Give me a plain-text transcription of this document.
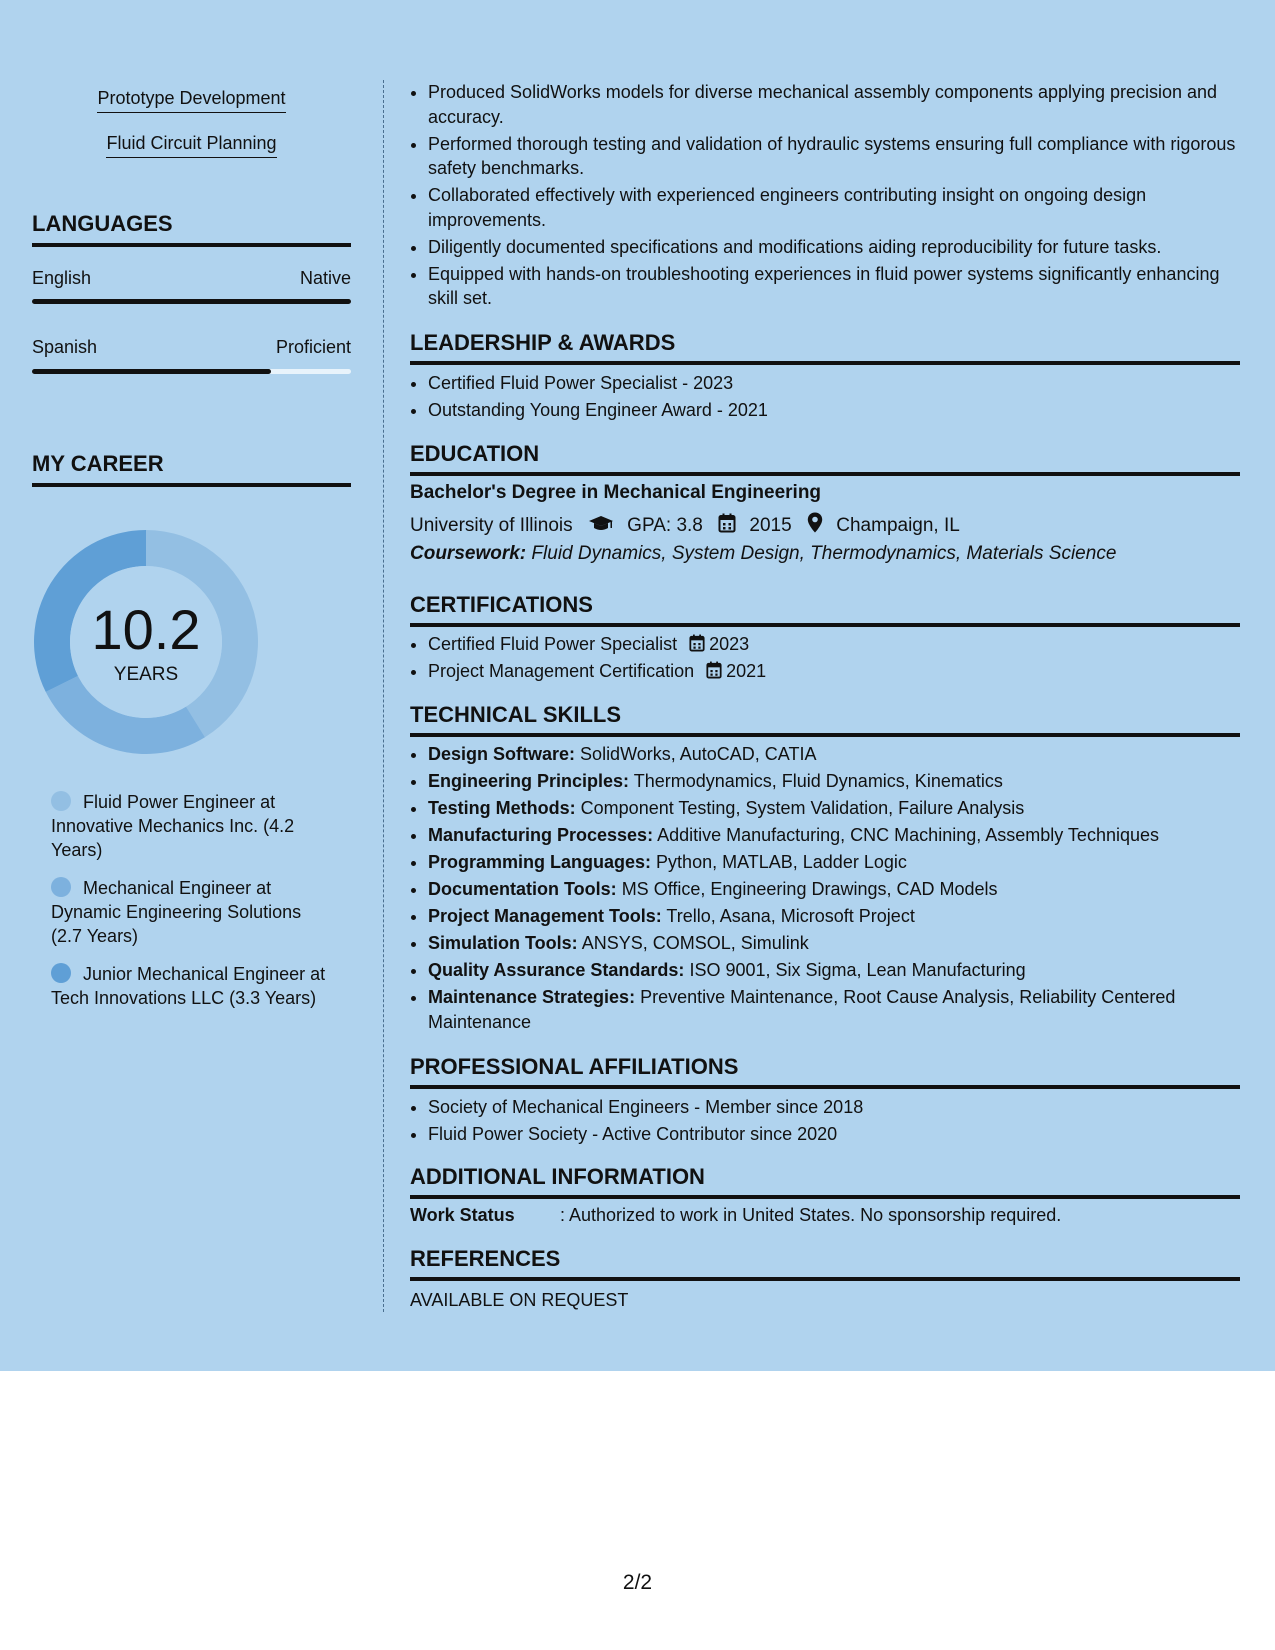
Prototype Development
Fluid Circuit Planning
LANGUAGES
English	Native
Spanish	Proficient
MY CAREER
10.2
YEARS
Fluid Power Engineer at Innovative Mechanics Inc. (4.2 Years)
Mechanical Engineer at Dynamic Engineering Solutions (2.7 Years)
Junior Mechanical Engineer at Tech Innovations LLC (3.3 Years)
• Produced SolidWorks models for diverse mechanical assembly components applying precision and accuracy.
• Performed thorough testing and validation of hydraulic systems ensuring full compliance with rigorous safety benchmarks.
• Collaborated effectively with experienced engineers contributing insight on ongoing design improvements.
• Diligently documented specifications and modifications aiding reproducibility for future tasks.
• Equipped with hands-on troubleshooting experiences in fluid power systems significantly enhancing skill set.
LEADERSHIP & AWARDS
• Certified Fluid Power Specialist - 2023
• Outstanding Young Engineer Award - 2021
EDUCATION
Bachelor's Degree in Mechanical Engineering
University of Illinois	GPA: 3.8 2015 Champaign, IL
Coursework: Fluid Dynamics, System Design, Thermodynamics, Materials Science
CERTIFICATIONS
• Certified Fluid Power Specialist 2023
• Project Management Certification 2021
TECHNICAL SKILLS
• Design Software: SolidWorks, AutoCAD, CATIA
• Engineering Principles: Thermodynamics, Fluid Dynamics, Kinematics
• Testing Methods: Component Testing, System Validation, Failure Analysis
• Manufacturing Processes: Additive Manufacturing, CNC Machining, Assembly Techniques
• Programming Languages: Python, MATLAB, Ladder Logic
• Documentation Tools: MS Office, Engineering Drawings, CAD Models
• Project Management Tools: Trello, Asana, Microsoft Project
• Simulation Tools: ANSYS, COMSOL, Simulink
• Quality Assurance Standards: ISO 9001, Six Sigma, Lean Manufacturing
• Maintenance Strategies: Preventive Maintenance, Root Cause Analysis, Reliability Centered Maintenance
PROFESSIONAL AFFILIATIONS
• Society of Mechanical Engineers - Member since 2018
• Fluid Power Society - Active Contributor since 2020
ADDITIONAL INFORMATION
Work Status	: Authorized to work in United States. No sponsorship required.
REFERENCES
AVAILABLE ON REQUEST
2/2
